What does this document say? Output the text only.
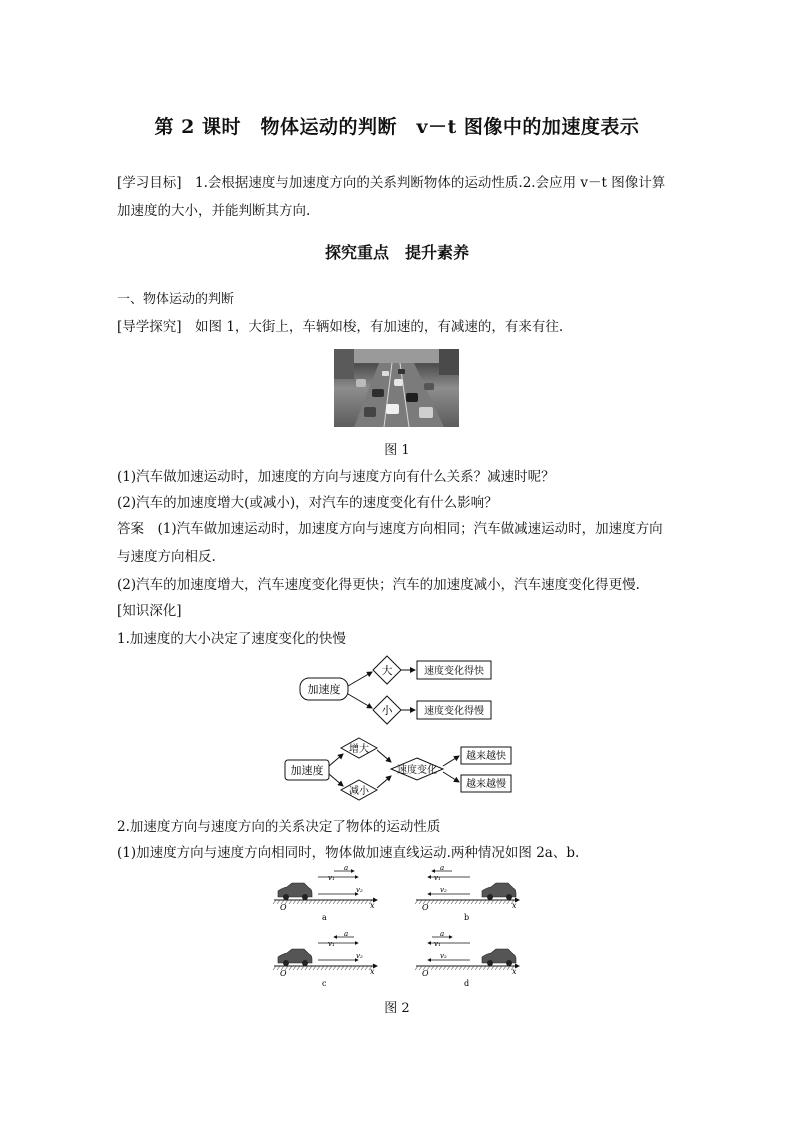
第 2 课时　物体运动的判断　v－t 图像中的加速度表示
[学习目标]　1.会根据速度与加速度方向的关系判断物体的运动性质.2.会应用 v－t 图像计算
加速度的大小，并能判断其方向.
探究重点　提升素养
一、物体运动的判断
[导学探究]　如图 1，大街上，车辆如梭，有加速的，有减速的，有来有往.
图 1
(1)汽车做加速运动时，加速度的方向与速度方向有什么关系？减速时呢？
(2)汽车的加速度增大(或减小)，对汽车的速度变化有什么影响？
答案　(1)汽车做加速运动时，加速度方向与速度方向相同；汽车做减速运动时，加速度方向
与速度方向相反.
(2)汽车的加速度增大，汽车速度变化得更快；汽车的加速度减小，汽车速度变化得更慢.
[知识深化]
1.加速度的大小决定了速度变化的快慢
加速度
大
小
速度变化得快
速度变化得慢
加速度
增大
减小
速度变化
越来越快
越来越慢
2.加速度方向与速度方向的关系决定了物体的运动性质
(1)加速度方向与速度方向相同时，物体做加速直线运动.两种情况如图 2a、b.
v₁
v₂
a
O	x
a
v₁
v₂
a
O	x
b
v₁
v₂
a
O	x
c
v₁
v₂
a
O	x
d
图 2
